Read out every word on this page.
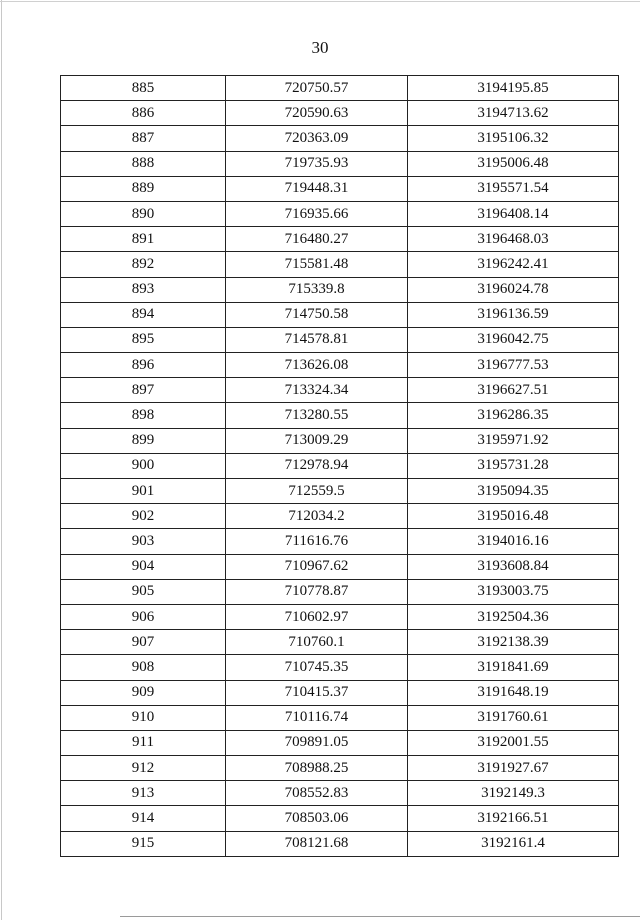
30
885	720750.57	3194195.85
886	720590.63	3194713.62
887	720363.09	3195106.32
888	719735.93	3195006.48
889	719448.31	3195571.54
890	716935.66	3196408.14
891	716480.27	3196468.03
892	715581.48	3196242.41
893	715339.8	3196024.78
894	714750.58	3196136.59
895	714578.81	3196042.75
896	713626.08	3196777.53
897	713324.34	3196627.51
898	713280.55	3196286.35
899	713009.29	3195971.92
900	712978.94	3195731.28
901	712559.5	3195094.35
902	712034.2	3195016.48
903	711616.76	3194016.16
904	710967.62	3193608.84
905	710778.87	3193003.75
906	710602.97	3192504.36
907	710760.1	3192138.39
908	710745.35	3191841.69
909	710415.37	3191648.19
910	710116.74	3191760.61
911	709891.05	3192001.55
912	708988.25	3191927.67
913	708552.83	3192149.3
914	708503.06	3192166.51
915	708121.68	3192161.4
